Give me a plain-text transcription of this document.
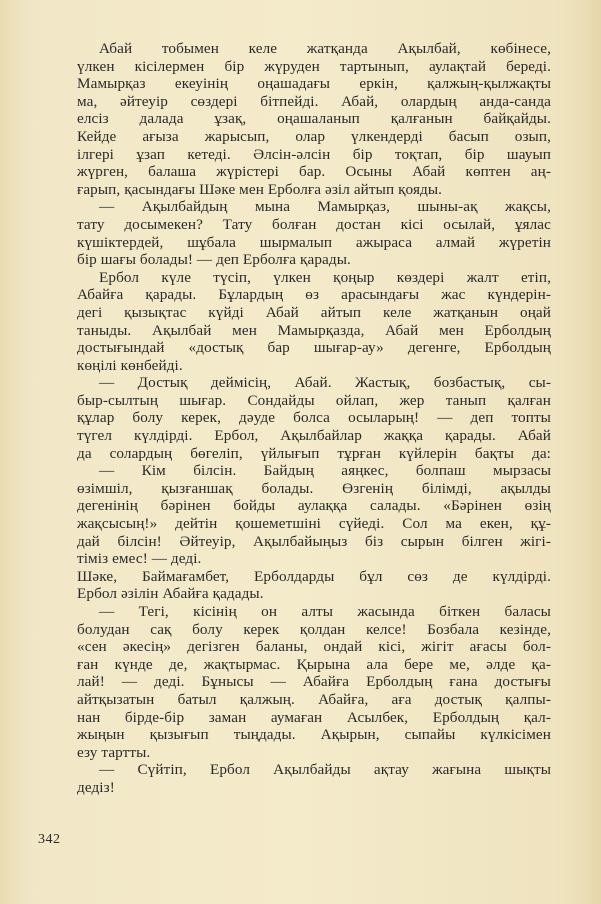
Абай тобымен келе жатқанда Ақылбай, көбінесе,
үлкен кісілермен бір жүруден тартынып, аулақтай береді.
Мамырқаз екеуінің оңашадағы еркін, қалжың-қылжақты
ма, әйтеуір сөздері бітпейді. Абай, олардың анда-санда
елсіз далада ұзақ, оңашаланып қалғанын байқайды.
Кейде ағыза жарысып, олар үлкендерді басып озып,
ілгері ұзап кетеді. Әлсін-әлсін бір тоқтап, бір шауып
жүрген, балаша жүрістері бар. Осыны Абай көптен аң-
ғарып, қасындағы Шәке мен Ерболға әзіл айтып қояды.
— Ақылбайдың мына Мамырқаз, шыны-ақ жақсы,
тату досымекен? Тату болған достан кісі осылай, ұялас
күшіктердей, шұбала шырмалып ажыраса алмай жүретін
бір шағы болады! — деп Ерболға қарады.
Ербол күле түсіп, үлкен қоңыр көздері жалт етіп,
Абайға қарады. Бұлардың өз арасындағы жас күндерін-
дегі қызықтас күйді Абай айтып келе жатқанын оңай
таныды. Ақылбай мен Мамырқазда, Абай мен Ерболдың
достығындай «достық бар шығар-ау» дегенге, Ерболдың
көңілі көнбейді.
— Достық деймісің, Абай. Жастық, бозбастық, сы-
быр-сылтың шығар. Сондайды ойлап, жер танып қалған
құлар болу керек, дәуде болса осыларың! — деп топты
түгел күлдірді. Ербол, Ақылбайлар жаққа қарады. Абай
да солардың бөгеліп, үйлығып тұрған күйлерін бақты да:
— Кім білсін. Байдың аяңкес, болпаш мырзасы
өзімшіл, қызғаншақ болады. Өзгенің білімді, ақылды
дегенінің бәрінен бойды аулаққа салады. «Бәрінен өзің
жақсысың!» дейтін қошеметшіні сүйеді. Сол ма екен, құ-
дай білсін! Әйтеуір, Ақылбайыңыз біз сырын білген жігі-
тіміз емес! — деді.
Шәке, Баймағамбет, Ерболдарды бұл сөз де күлдірді.
Ербол әзілін Абайға қадады.
— Тегі, кісінің он алты жасында біткен баласы
болудан сақ болу керек қолдан келсе! Бозбала кезінде,
«сен әкесің» дегізген баланы, ондай кісі, жігіт ағасы бол-
ған күнде де, жақтырмас. Қырына ала бере ме, әлде қа-
лай! — деді. Бұнысы — Абайға Ерболдың ғана достығы
айтқызатын батыл қалжың. Абайға, аға достық қалпы-
нан бірде-бір заман аумаған Асылбек, Ерболдың қал-
жыңын қызығып тыңдады. Ақырын, сыпайы күлкісімен
езу тартты.
— Сүйтіп, Ербол Ақылбайды ақтау жағына шықты
дедіз!
342
